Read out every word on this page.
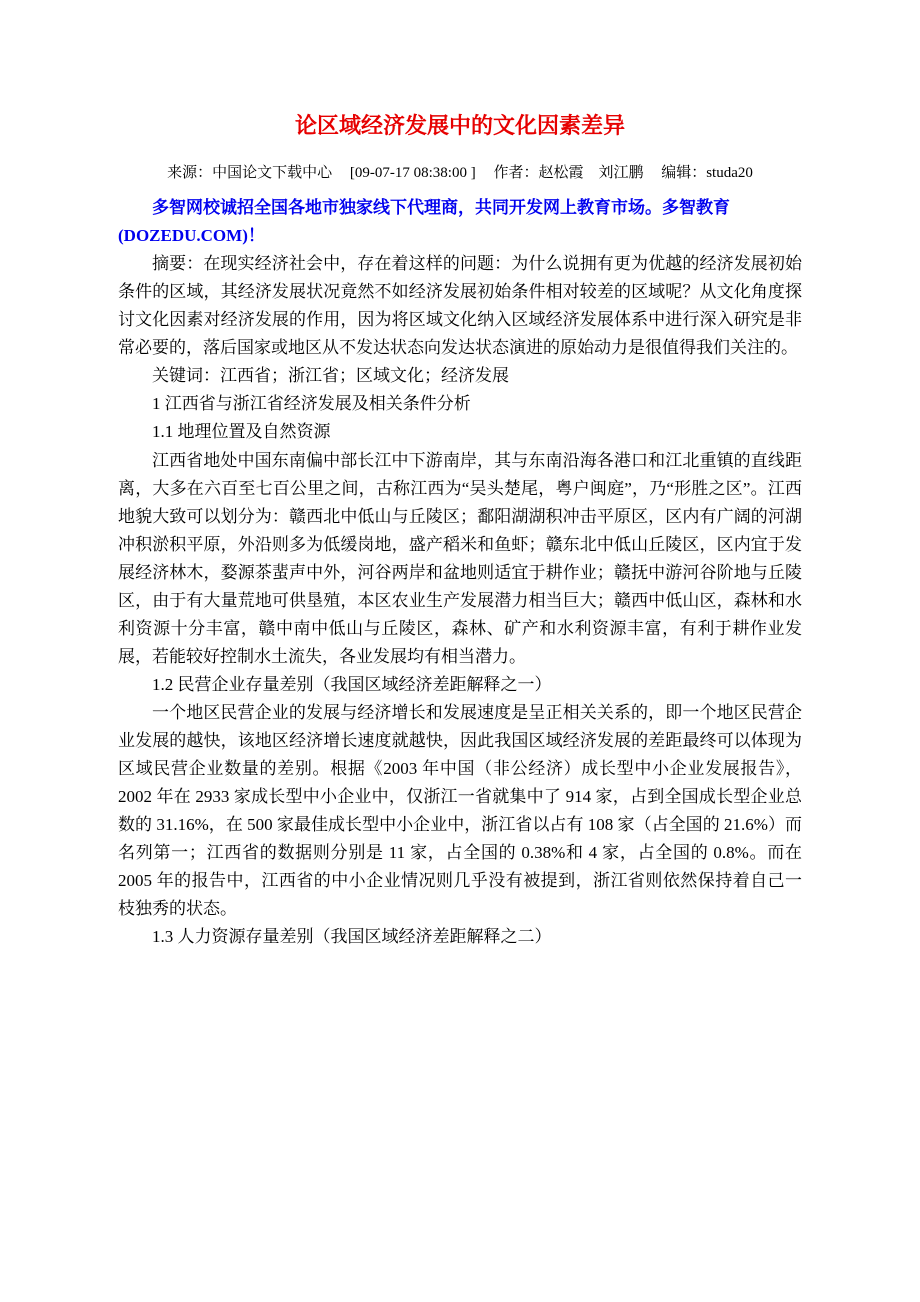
论区域经济发展中的文化因素差异
来源：中国论文下载中心 [09-07-17 08:38:00 ] 作者：赵松霞　刘江鹏 编辑：studa20
多智网校诚招全国各地市独家线下代理商，共同开发网上教育市场。多智教育
(DOZEDU.COM)！

摘要：在现实经济社会中，存在着这样的问题：为什么说拥有更为优越的经济发展初始条件的区域，其经济发展状况竟然不如经济发展初始条件相对较差的区域呢？从文化角度探讨文化因素对经济发展的作用，因为将区域文化纳入区域经济发展体系中进行深入研究是非常必要的，落后国家或地区从不发达状态向发达状态演进的原始动力是很值得我们关注的。

关键词：江西省；浙江省；区域文化；经济发展

1 江西省与浙江省经济发展及相关条件分析

1.1 地理位置及自然资源

江西省地处中国东南偏中部长江中下游南岸，其与东南沿海各港口和江北重镇的直线距离，大多在六百至七百公里之间，古称江西为“吴头楚尾，粤户闽庭”，乃“形胜之区”。江西地貌大致可以划分为：赣西北中低山与丘陵区；鄱阳湖湖积冲击平原区，区内有广阔的河湖冲积淤积平原，外沿则多为低缓岗地，盛产稻米和鱼虾；赣东北中低山丘陵区，区内宜于发展经济林木，婺源茶蜚声中外，河谷两岸和盆地则适宜于耕作业；赣抚中游河谷阶地与丘陵区，由于有大量荒地可供垦殖，本区农业生产发展潜力相当巨大；赣西中低山区，森林和水利资源十分丰富，赣中南中低山与丘陵区，森林、矿产和水利资源丰富，有利于耕作业发展，若能较好控制水土流失，各业发展均有相当潜力。

1.2 民营企业存量差别（我国区域经济差距解释之一）

一个地区民营企业的发展与经济增长和发展速度是呈正相关关系的，即一个地区民营企业发展的越快，该地区经济增长速度就越快，因此我国区域经济发展的差距最终可以体现为区域民营企业数量的差别。根据《2003 年中国（非公经济）成长型中小企业发展报告》，2002 年在 2933 家成长型中小企业中，仅浙江一省就集中了 914 家，占到全国成长型企业总数的 31.16%，在 500 家最佳成长型中小企业中，浙江省以占有 108 家（占全国的 21.6%）而名列第一；江西省的数据则分别是 11 家，占全国的 0.38%和 4 家，占全国的 0.8%。而在 2005 年的报告中，江西省的中小企业情况则几乎没有被提到，浙江省则依然保持着自己一枝独秀的状态。

1.3 人力资源存量差别（我国区域经济差距解释之二）
